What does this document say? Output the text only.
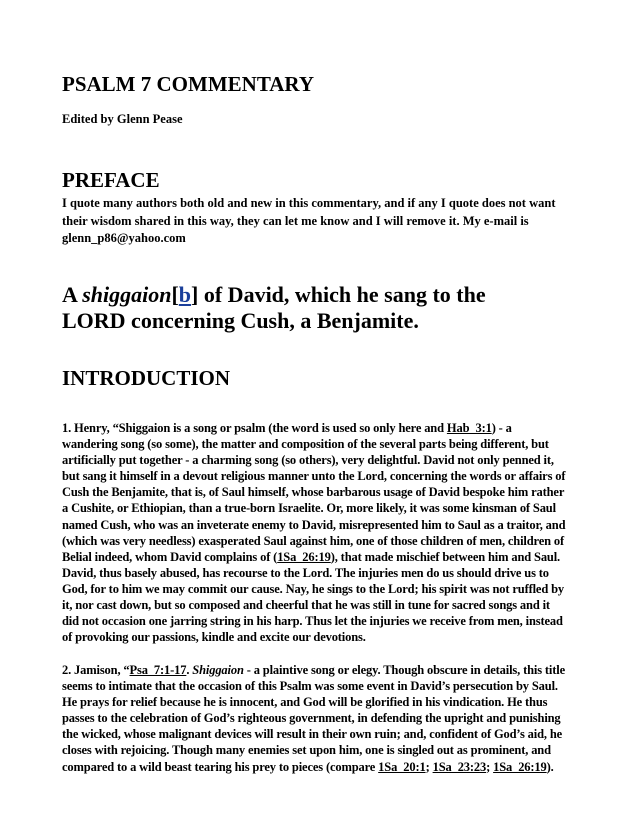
PSALM 7 COMMENTARY
Edited by Glenn Pease
PREFACE
I quote many authors both old and new in this commentary, and if any I quote does not want their wisdom shared in this way, they can let me know and I will remove it. My e-mail is
glenn_p86@yahoo.com
A shiggaion[b] of David, which he sang to the LORD concerning Cush, a Benjamite.
INTRODUCTION
1. Henry, “Shiggaion is a song or psalm (the word is used so only here and Hab_3:1) - a
wandering song (so some), the matter and composition of the several parts being different, but
artificially put together - a charming song (so others), very delightful. David not only penned it,
but sang it himself in a devout religious manner unto the Lord, concerning the words or affairs of
Cush the Benjamite, that is, of Saul himself, whose barbarous usage of David bespoke him rather
a Cushite, or Ethiopian, than a true-born Israelite. Or, more likely, it was some kinsman of Saul
named Cush, who was an inveterate enemy to David, misrepresented him to Saul as a traitor, and
(which was very needless) exasperated Saul against him, one of those children of men, children of
Belial indeed, whom David complains of (1Sa_26:19), that made mischief between him and Saul.
David, thus basely abused, has recourse to the Lord. The injuries men do us should drive us to
God, for to him we may commit our cause. Nay, he sings to the Lord; his spirit was not ruffled by
it, nor cast down, but so composed and cheerful that he was still in tune for sacred songs and it
did not occasion one jarring string in his harp. Thus let the injuries we receive from men, instead
of provoking our passions, kindle and excite our devotions.
2. Jamison, “Psa_7:1-17. Shiggaion - a plaintive song or elegy. Though obscure in details, this title
seems to intimate that the occasion of this Psalm was some event in David’s persecution by Saul.
He prays for relief because he is innocent, and God will be glorified in his vindication. He thus
passes to the celebration of God’s righteous government, in defending the upright and punishing
the wicked, whose malignant devices will result in their own ruin; and, confident of God’s aid, he
closes with rejoicing. Though many enemies set upon him, one is singled out as prominent, and
compared to a wild beast tearing his prey to pieces (compare 1Sa_20:1; 1Sa_23:23; 1Sa_26:19).
